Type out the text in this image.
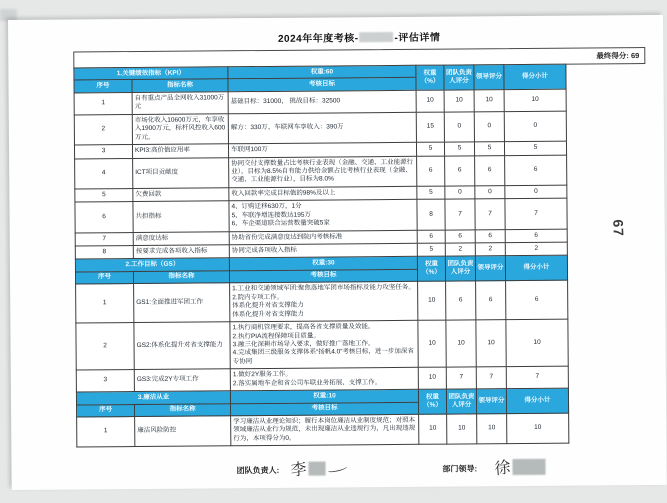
2024年年度考核-	-评估详情
最终得分: 69
1.关键绩效指标（KPI）		权重:60	权重（%）	团队负责人评分	领导评分	得分小计
序号	指标名称	考核目标				
1	自有重点产品全网收入31000万元	基础目标：31000， 挑战目标：32500	10	10	10	10
2	市场化收入10600万元，车享收入1900万元，标杆风控收入600万元。	解方：330万、车联网车享收入：390万	15	0	0	0
3	KPI3:高价值应用率	车联网100万	5	5	5	5
4	ICT项目贡献度	协同交付支撑数量占比考核行业表现（金融、交通、工业能源行业），目标为8.5%自有能力供给金额占比考核行业表现（金融、交通、工业能源行业），目标为8.0%	6	6	6	6
5	欠费回款	收入回款率完成目标值的98%及以上	5	0	0	0
6	共担指标	4、订购迁移630万，1分
5、车联净增连接数达195万
6、车企渠道联合运营数量突破5家	8	7	7	7
7	满意度达标	协助省份完成满意度达到院内考核标准	6	6	6	6
8	按要求完成各项收入指标	协同完成各项收入指标	5	2	2	2
2.工作目标（GS）		权重:30	权重（%）	团队负责人评分	领导评分	得分小计
序号	指标名称	考核目标				
1	GS1:全面推进军团工作	1.工业和交通领域军团:聚焦落地军团市场指标及能力攻坚任务。
2.院内专项工作。
体系化提升对省支撑能力
体系化提升对省支撑能力	10	6	6	6
2	GS2:体系化提升对省支撑能力	1.执行商机管理要求，提高各省支撑质量及效能。
2.执行PIA流程保障项目质量。
3.融三化深耕市场导入要求，做好推广落地工作。
4.完成集团三级服务支撑体系“扬帆4.0”考核目标，进一步加深省专协同	10	10	10	10
3	GS3:完成2Y专项工作	1.做好2Y服务工作。
2.落实属地车企和省公司车联业务拓展、支撑工作。	10	7	7	7
3.廉洁从业		权重:10	权重（%）	团队负责人评分	领导评分	得分小计
序号	指标名称	考核目标				
1	廉洁风险防控	学习廉洁从业理论知识；履行本岗位廉洁从业制度规范；对照本领域廉洁从业行为规范，未出现廉洁从业违规行为，凡出现违规行为，本项得分为0。	10	10	10	10
团队负责人: 李	部门领导: 徐
67
